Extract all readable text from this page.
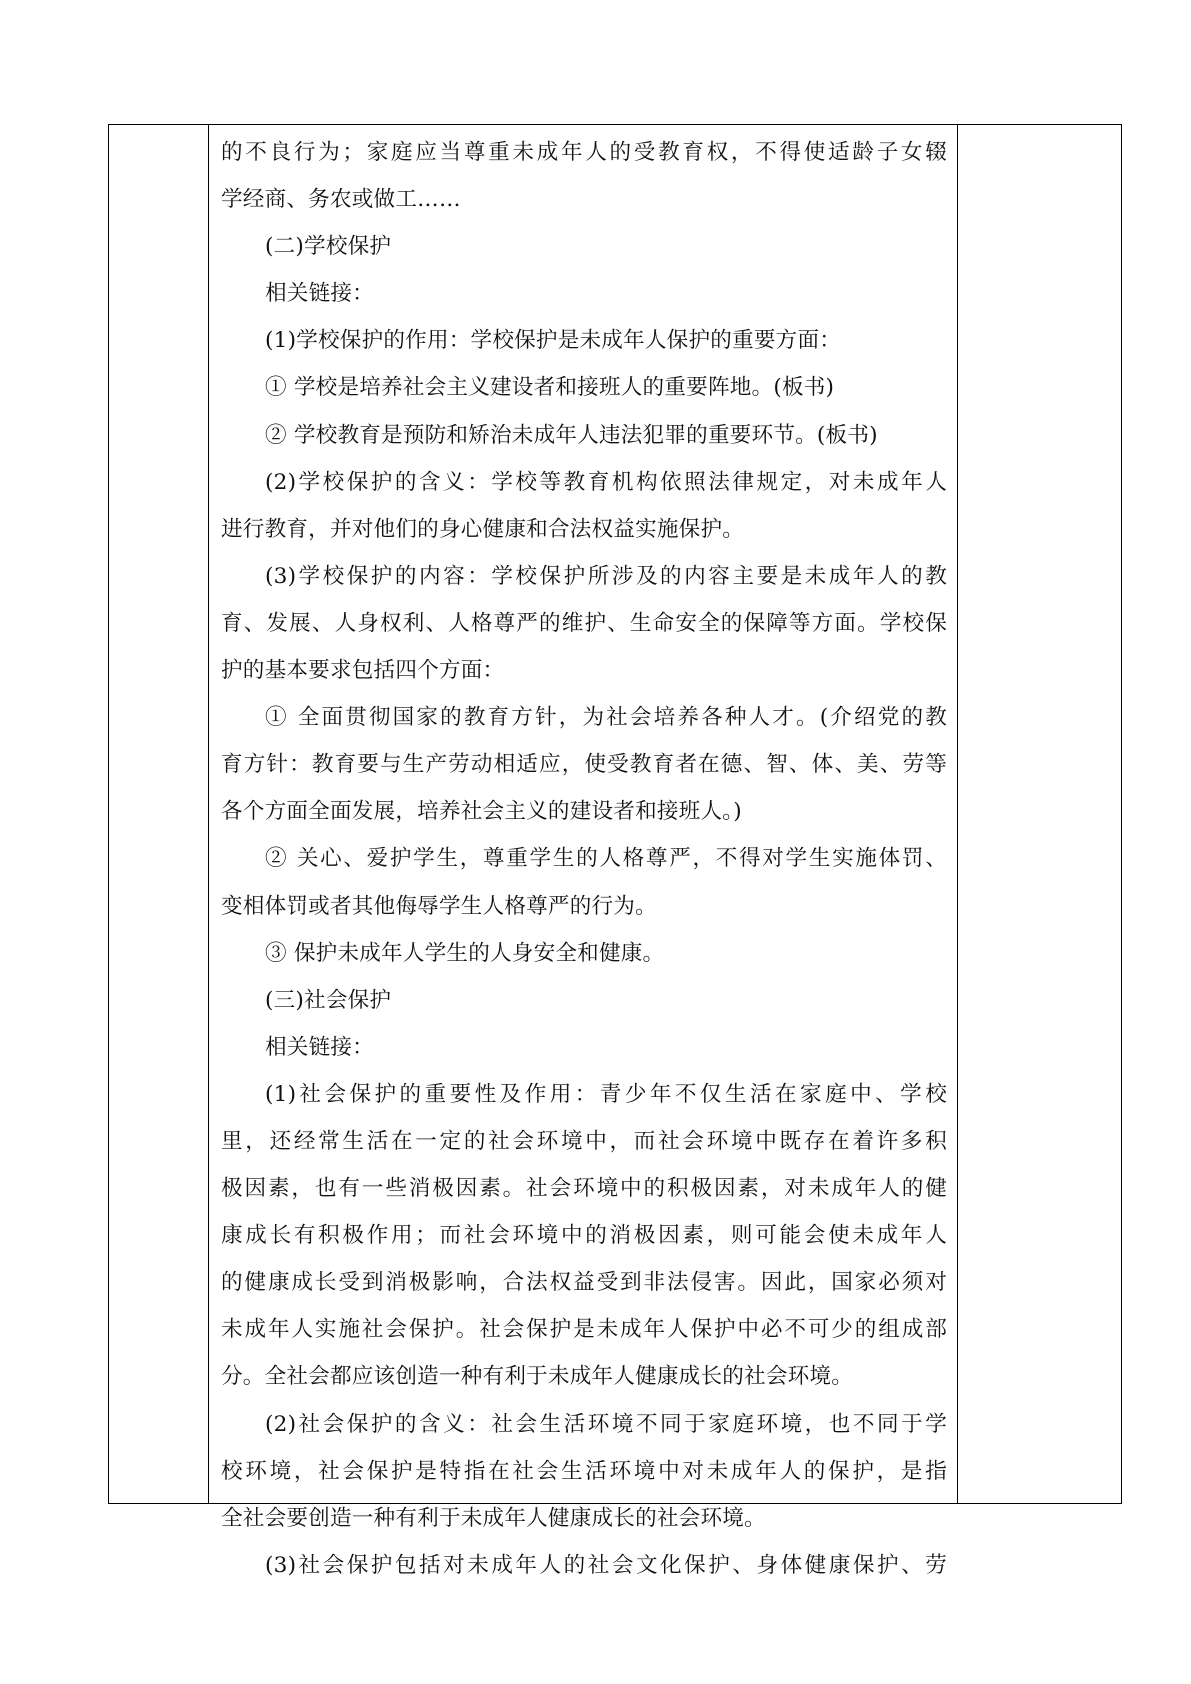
的不良行为；家庭应当尊重未成年人的受教育权，不得使适龄子女辍
学经商、务农或做工……
(二)学校保护
相关链接：
(1)学校保护的作用：学校保护是未成年人保护的重要方面：
① 学校是培养社会主义建设者和接班人的重要阵地。(板书)
② 学校教育是预防和矫治未成年人违法犯罪的重要环节。(板书)
(2)学校保护的含义：学校等教育机构依照法律规定，对未成年人
进行教育，并对他们的身心健康和合法权益实施保护。
(3)学校保护的内容：学校保护所涉及的内容主要是未成年人的教
育、发展、人身权利、人格尊严的维护、生命安全的保障等方面。学校保
护的基本要求包括四个方面：
① 全面贯彻国家的教育方针，为社会培养各种人才。(介绍党的教
育方针：教育要与生产劳动相适应，使受教育者在德、智、体、美、劳等
各个方面全面发展，培养社会主义的建设者和接班人。)
② 关心、爱护学生，尊重学生的人格尊严，不得对学生实施体罚、
变相体罚或者其他侮辱学生人格尊严的行为。
③ 保护未成年人学生的人身安全和健康。
(三)社会保护
相关链接：
(1)社会保护的重要性及作用：青少年不仅生活在家庭中、学校
里，还经常生活在一定的社会环境中，而社会环境中既存在着许多积
极因素，也有一些消极因素。社会环境中的积极因素，对未成年人的健
康成长有积极作用；而社会环境中的消极因素，则可能会使未成年人
的健康成长受到消极影响，合法权益受到非法侵害。因此，国家必须对
未成年人实施社会保护。社会保护是未成年人保护中必不可少的组成部
分。全社会都应该创造一种有利于未成年人健康成长的社会环境。
(2)社会保护的含义：社会生活环境不同于家庭环境，也不同于学
校环境，社会保护是特指在社会生活环境中对未成年人的保护，是指
全社会要创造一种有利于未成年人健康成长的社会环境。
(3)社会保护包括对未成年人的社会文化保护、身体健康保护、劳
